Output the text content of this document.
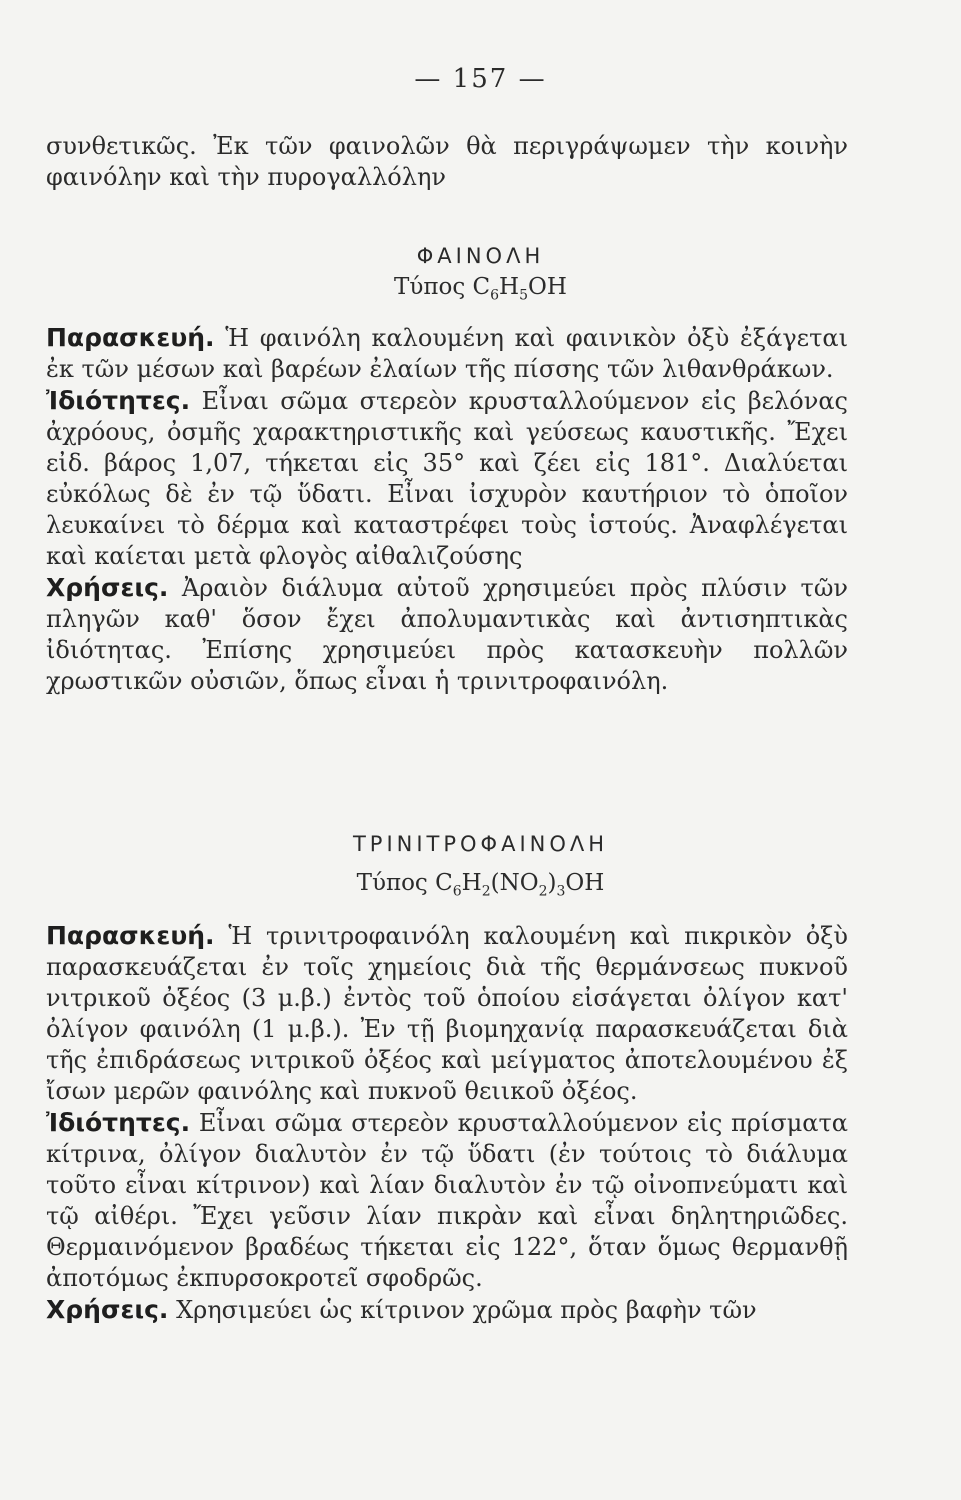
— 157 —

συνθετικῶς. Ἐκ τῶν φαινολῶν θὰ περιγράψωμεν τὴν κοινὴν φαινόλην καὶ τὴν πυρογαλλόλην

ΦΑΙΝΟΛΗ
Τύπος $C_6H_5OH$

Παρασκευή. Ἡ φαινόλη καλουμένη καὶ φαινικὸν ὀξὺ ἐξάγεται ἐκ τῶν μέσων καὶ βαρέων ἐλαίων τῆς πίσσης τῶν λιθανθράκων.

Ἰδιότητες. Εἶναι σῶμα στερεὸν κρυσταλλούμενον εἰς βελόνας ἀχρόους, ὀσμῆς χαρακτηριστικῆς καὶ γεύσεως καυστικῆς. Ἔχει εἰδ. βάρος 1,07, τήκεται εἰς 35° καὶ ζέει εἰς 181°. Διαλύεται εὐκόλως δὲ ἐν τῷ ὕδατι. Εἶναι ἰσχυρὸν καυτήριον τὸ ὁποῖον λευκαίνει τὸ δέρμα καὶ καταστρέφει τοὺς ἱστούς. Ἀναφλέγεται καὶ καίεται μετὰ φλογὸς αἰθαλιζούσης

Χρήσεις. Ἀραιὸν διάλυμα αὐτοῦ χρησιμεύει πρὸς πλύσιν τῶν πληγῶν καθ' ὅσον ἔχει ἀπολυμαντικὰς καὶ ἀντισηπτικὰς ἰδιότητας. Ἐπίσης χρησιμεύει πρὸς κατασκευὴν πολλῶν χρωστικῶν οὐσιῶν, ὅπως εἶναι ἡ τρινιτροφαινόλη.

ΤΡΙΝΙΤΡΟΦΑΙΝΟΛΗ
Τύπος $C_6H_2(NO_2)_3OH$

Παρασκευή. Ἡ τρινιτροφαινόλη καλουμένη καὶ πικρικὸν ὀξὺ παρασκευάζεται ἐν τοῖς χημείοις διὰ τῆς θερμάνσεως πυκνοῦ νιτρικοῦ ὀξέος (3 μ.β.) ἐντὸς τοῦ ὁποίου εἰσάγεται ὀλίγον κατ' ὀλίγον φαινόλη (1 μ.β.). Ἐν τῇ βιομηχανίᾳ παρασκευάζεται διὰ τῆς ἐπιδράσεως νιτρικοῦ ὀξέος καὶ μείγματος ἀποτελουμένου ἐξ ἴσων μερῶν φαινόλης καὶ πυκνοῦ θειικοῦ ὀξέος.

Ἰδιότητες. Εἶναι σῶμα στερεὸν κρυσταλλούμενον εἰς πρίσματα κίτρινα, ὀλίγον διαλυτὸν ἐν τῷ ὕδατι (ἐν τούτοις τὸ διάλυμα τοῦτο εἶναι κίτρινον) καὶ λίαν διαλυτὸν ἐν τῷ οἰνοπνεύματι καὶ τῷ αἰθέρι. Ἔχει γεῦσιν λίαν πικρὰν καὶ εἶναι δηλητηριῶδες. Θερμαινόμενον βραδέως τήκεται εἰς 122°, ὅταν ὅμως θερμανθῇ ἀποτόμως ἐκπυρσοκροτεῖ σφοδρῶς.

Χρήσεις. Χρησιμεύει ὡς κίτρινον χρῶμα πρὸς βαφὴν τῶν
